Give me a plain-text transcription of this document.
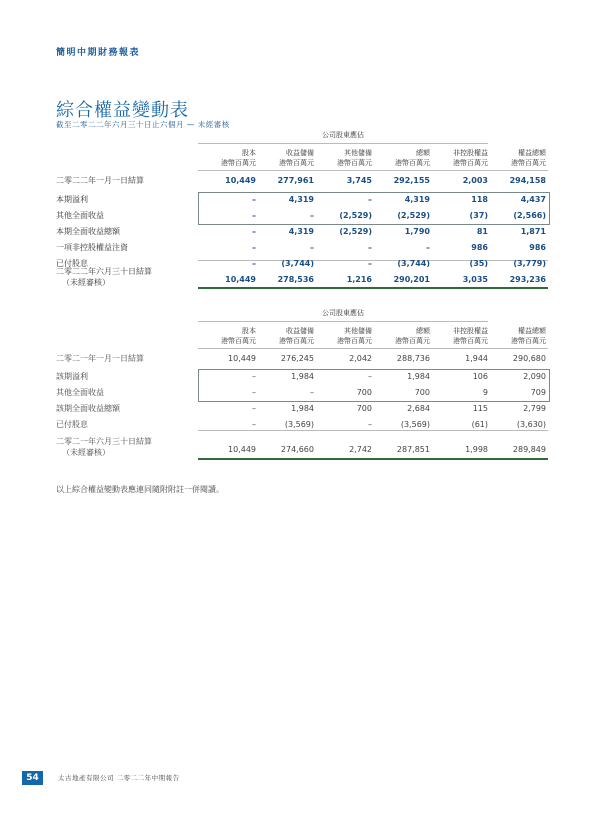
簡明中期財務報表
綜合權益變動表
截至二零二二年六月三十日止六個月 — 未經審核
公司股東應佔
股本
港幣百萬元
收益儲備
港幣百萬元
其他儲備
港幣百萬元
總額
港幣百萬元
非控股權益
港幣百萬元
權益總額
港幣百萬元
二零二二年一月一日結算	10,449	277,961	3,745	292,155	2,003	294,158
本期溢利	–	4,319	–	4,319	118	4,437
其他全面收益	–	–	(2,529)	(2,529)	(37)	(2,566)
本期全面收益總額	–	4,319	(2,529)	1,790	81	1,871
一項非控股權益注資	–	–	–	–	986	986
已付股息	–	(3,744)	–	(3,744)	(35)	(3,779)
二零二二年六月三十日結算
（未經審核）	10,449	278,536	1,216	290,201	3,035	293,236
公司股東應佔
股本
港幣百萬元
收益儲備
港幣百萬元
其他儲備
港幣百萬元
總額
港幣百萬元
非控股權益
港幣百萬元
權益總額
港幣百萬元
二零二一年一月一日結算	10,449	276,245	2,042	288,736	1,944	290,680
該期溢利	–	1,984	–	1,984	106	2,090
其他全面收益	–	–	700	700	9	709
該期全面收益總額	–	1,984	700	2,684	115	2,799
已付股息	–	(3,569)	–	(3,569)	(61)	(3,630)
二零二一年六月三十日結算
（未經審核）	10,449	274,660	2,742	287,851	1,998	289,849
以上綜合權益變動表應連同隨附附註一併閱讀。
54	太古地產有限公司 二零二二年中期報告
